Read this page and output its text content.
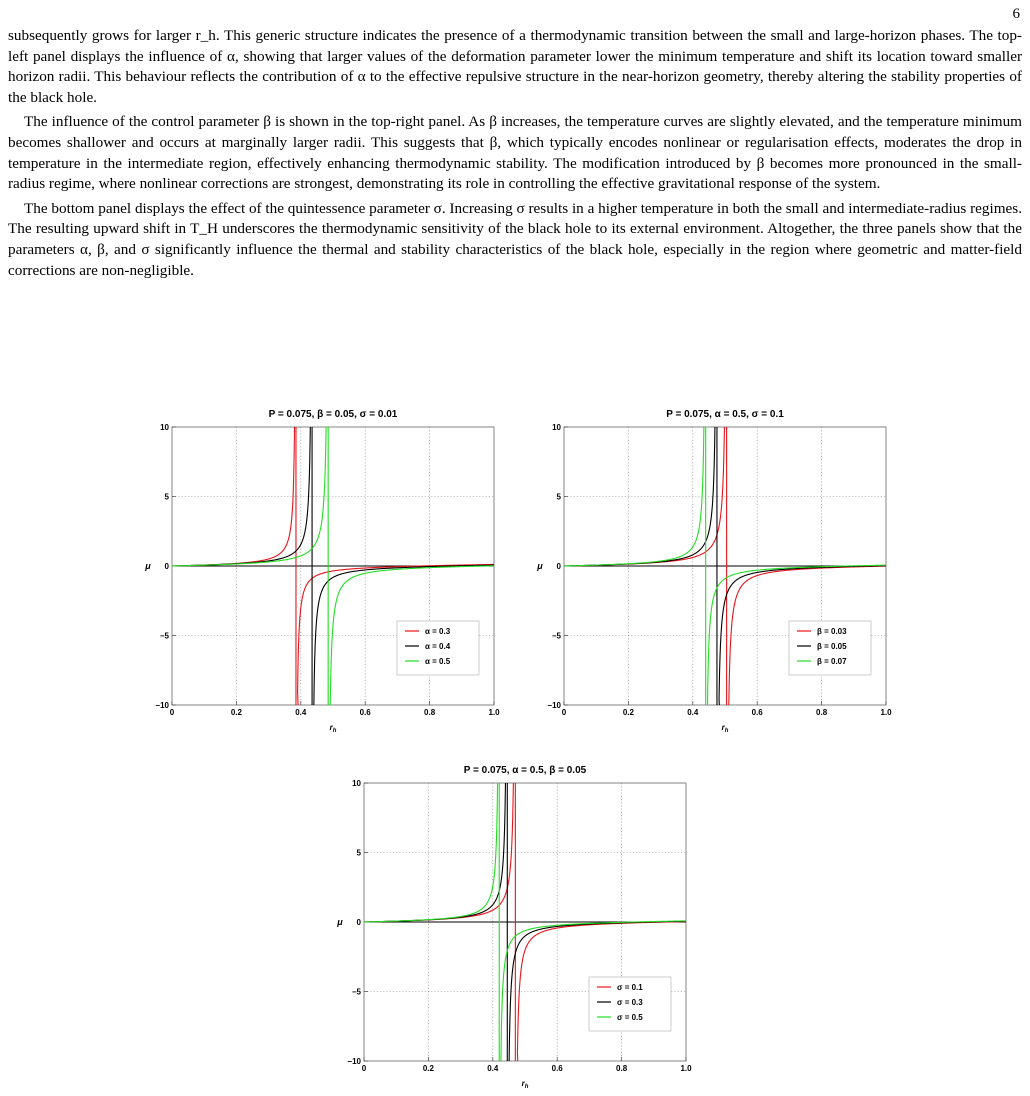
6

subsequently grows for larger r_h. This generic structure indicates the presence of a thermodynamic transition between the small and large-horizon phases. The top-left panel displays the influence of α, showing that larger values of the deformation parameter lower the minimum temperature and shift its location toward smaller horizon radii. This behaviour reflects the contribution of α to the effective repulsive structure in the near-horizon geometry, thereby altering the stability properties of the black hole.

The influence of the control parameter β is shown in the top-right panel. As β increases, the temperature curves are slightly elevated, and the temperature minimum becomes shallower and occurs at marginally larger radii. This suggests that β, which typically encodes nonlinear or regularisation effects, moderates the drop in temperature in the intermediate region, effectively enhancing thermodynamic stability. The modification introduced by β becomes more pronounced in the small-radius regime, where nonlinear corrections are strongest, demonstrating its role in controlling the effective gravitational response of the system.

The bottom panel displays the effect of the quintessence parameter σ. Increasing σ results in a higher temperature in both the small and intermediate-radius regimes. The resulting upward shift in T_H underscores the thermodynamic sensitivity of the black hole to its external environment. Altogether, the three panels show that the parameters α, β, and σ significantly influence the thermal and stability characteristics of the black hole, especially in the region where geometric and matter-field corrections are non-negligible.

P = 0.075, β = 0.05, σ = 0.01
0	0.2	0.4	0.6	0.8	1.0
−10
−5
0
5
10
$r_h$
μ
α = 0.3
α = 0.4
α = 0.5
P = 0.075, α = 0.5, σ = 0.1
0	0.2	0.4	0.6	0.8	1.0
−10
−5
0
5
10
$r_h$
μ
β = 0.03
β = 0.05
β = 0.07
P = 0.075, α = 0.5, β = 0.05
0	0.2	0.4	0.6	0.8	1.0
−10
−5
0
5
10
$r_h$
μ
σ = 0.1
σ = 0.3
σ = 0.5
